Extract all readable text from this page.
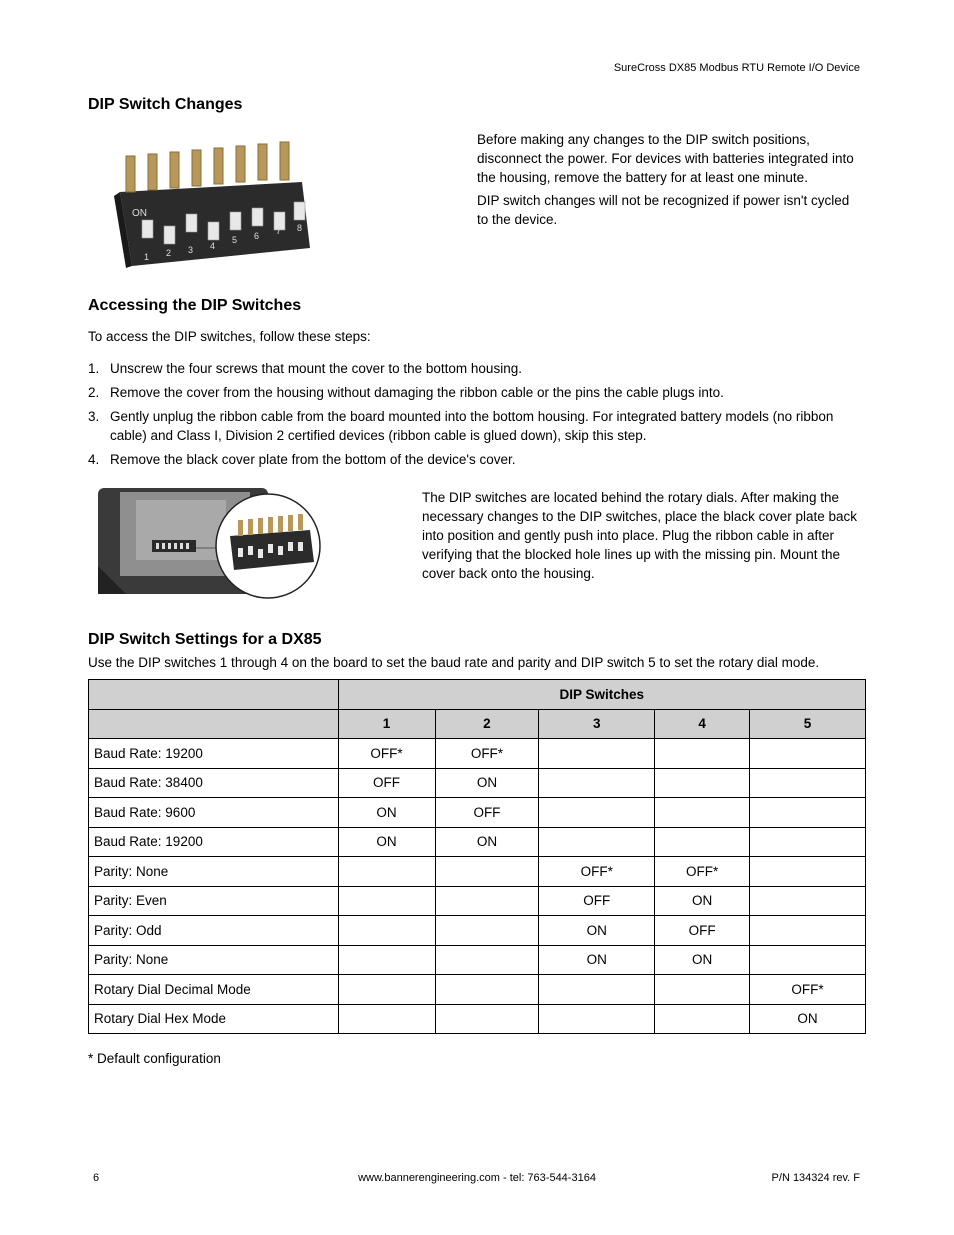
SureCross DX85 Modbus RTU Remote I/O Device
DIP Switch Changes
ON
1 2 3 4
5 6 7 8

Before making any changes to the DIP switch positions, disconnect the power. For devices with batteries integrated into the housing, remove the battery for at least one minute.

DIP switch changes will not be recognized if power isn't cycled to the device.

Accessing the DIP Switches
To access the DIP switches, follow these steps:
1. Unscrew the four screws that mount the cover to the bottom housing.
2. Remove the cover from the housing without damaging the ribbon cable or the pins the cable plugs into.
3. Gently unplug the ribbon cable from the board mounted into the bottom housing. For integrated battery models (no ribbon cable) and Class I, Division 2 certified devices (ribbon cable is glued down), skip this step.
4. Remove the black cover plate from the bottom of the device's cover.
The DIP switches are located behind the rotary dials. After making the necessary changes to the DIP switches, place the black cover plate back into position and gently push into place. Plug the ribbon cable in after verifying that the blocked hole lines up with the missing pin. Mount the cover back onto the housing.
DIP Switch Settings for a DX85
Use the DIP switches 1 through 4 on the board to set the baud rate and parity and DIP switch 5 to set the rotary dial mode.
	DIP Switches				
	1	2	3	4	5
Baud Rate: 19200	OFF*	OFF*			
Baud Rate: 38400	OFF	ON			
Baud Rate: 9600	ON	OFF			
Baud Rate: 19200	ON	ON			
Parity: None			OFF*	OFF*	
Parity: Even			OFF	ON	
Parity: Odd			ON	OFF	
Parity: None			ON	ON	
Rotary Dial Decimal Mode					OFF*
Rotary Dial Hex Mode					ON
* Default configuration
6	www.bannerengineering.com - tel: 763-544-3164	P/N 134324 rev. F
